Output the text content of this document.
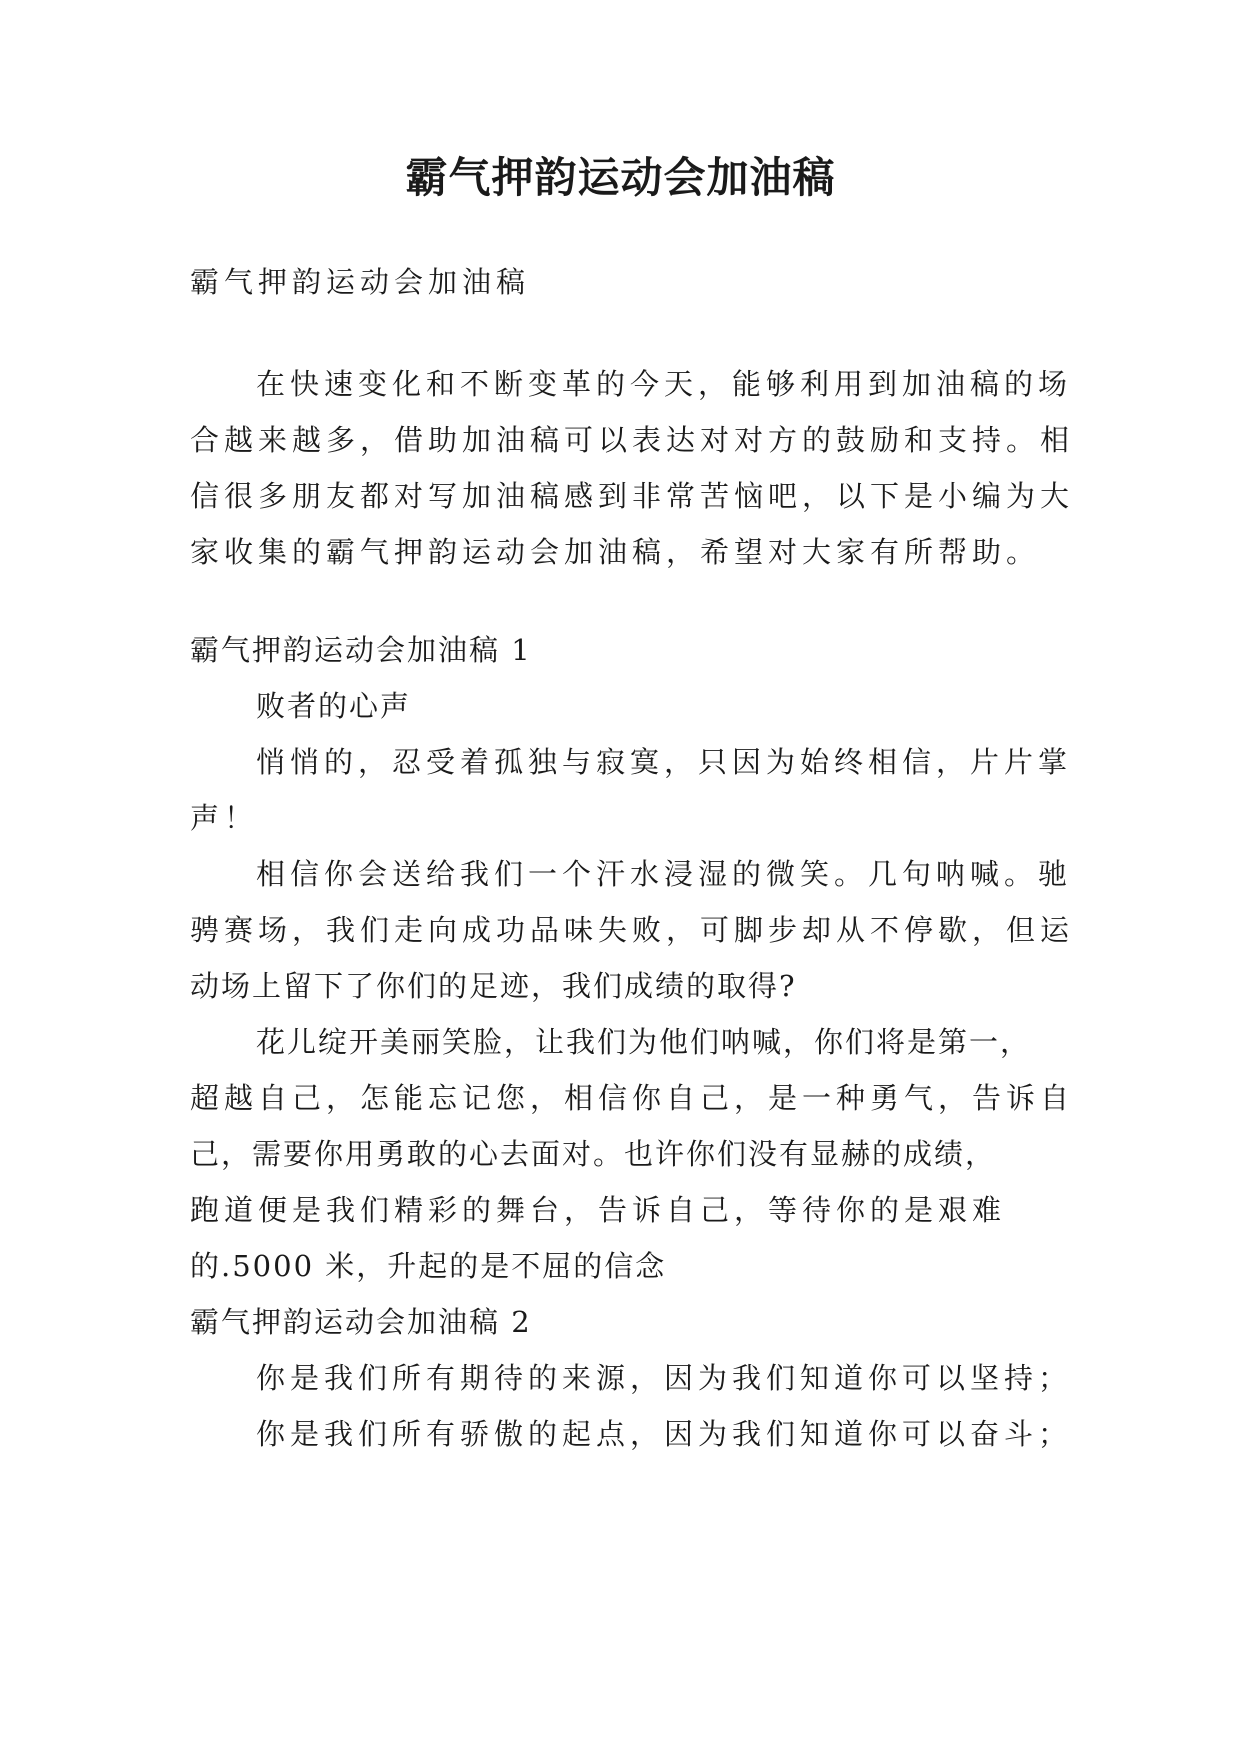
霸气押韵运动会加油稿
霸气押韵运动会加油稿
在快速变化和不断变革的今天，能够利用到加油稿的场
合越来越多，借助加油稿可以表达对对方的鼓励和支持。相
信很多朋友都对写加油稿感到非常苦恼吧，以下是小编为大
家收集的霸气押韵运动会加油稿，希望对大家有所帮助。
霸气押韵运动会加油稿 1
败者的心声
悄悄的，忍受着孤独与寂寞，只因为始终相信，片片掌
声！
相信你会送给我们一个汗水浸湿的微笑。几句呐喊。驰
骋赛场，我们走向成功品味失败，可脚步却从不停歇，但运
动场上留下了你们的足迹，我们成绩的取得?
花儿绽开美丽笑脸，让我们为他们呐喊，你们将是第一，
超越自己，怎能忘记您，相信你自己，是一种勇气，告诉自
己，需要你用勇敢的心去面对。也许你们没有显赫的成绩，
跑道便是我们精彩的舞台，告诉自己，等待你的是艰难
的.5000 米，升起的是不屈的信念
霸气押韵运动会加油稿 2
你是我们所有期待的来源，因为我们知道你可以坚持；
你是我们所有骄傲的起点，因为我们知道你可以奋斗；
